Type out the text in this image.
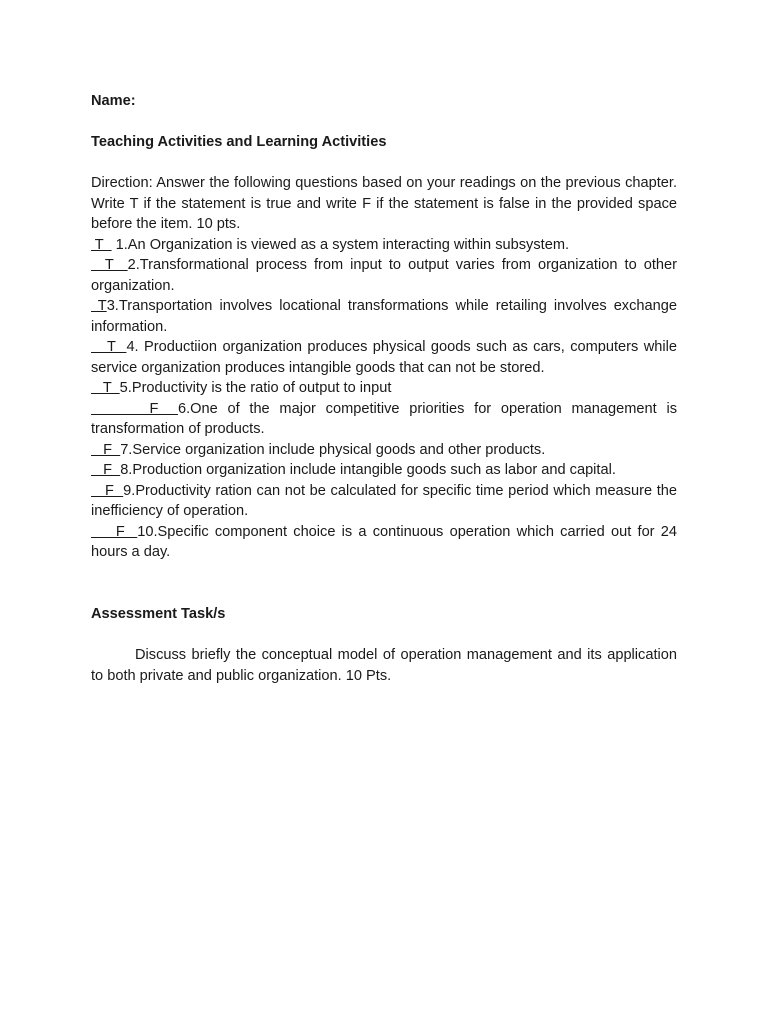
Name:

Teaching Activities and Learning Activities

Direction: Answer the following questions based on your readings on the previous chapter. Write T if the statement is true and write F if the statement is false in the provided space before the item. 10 pts.

T   1.An Organization is viewed as a system interacting within subsystem.

T  2.Transformational process from input to output varies from organization to other organization.

T3.Transportation involves locational transformations while retailing involves exchange information.

T  4. Productiion organization produces physical goods such as cars, computers while service organization produces intangible goods that can not be stored.

T  5.Productivity is the ratio of output to input

F  6.One of the major competitive priorities for operation management is transformation of products.

F  7.Service organization include physical goods and other products.

F  8.Production organization include intangible goods such as labor and capital.

F  9.Productivity ration can not be calculated for specific time period which measure the inefficiency of operation.

F  10.Specific component choice is a continuous operation which carried out for 24 hours a day.

Assessment Task/s

Discuss briefly the conceptual model of operation management and its application to both private and public organization. 10 Pts.
